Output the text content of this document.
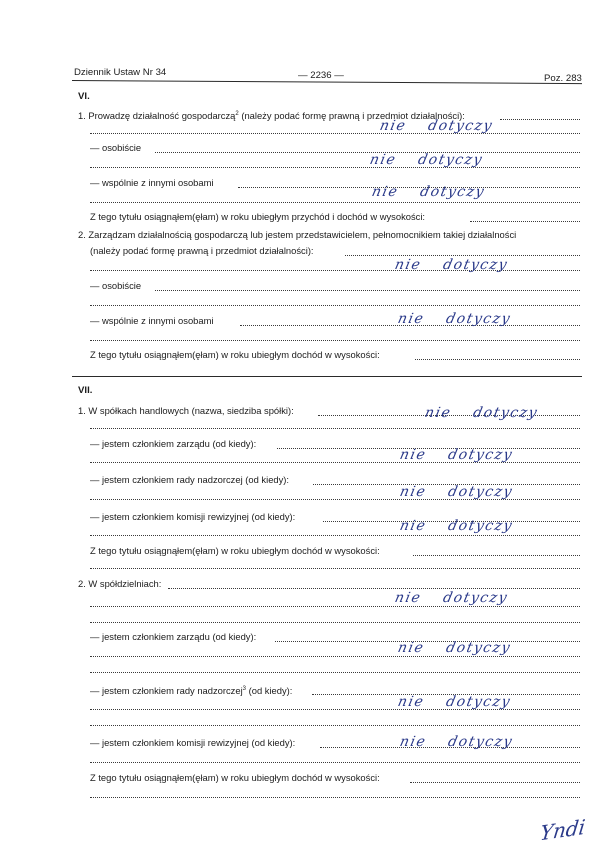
Dziennik Ustaw Nr 34	— 2236 —	Poz. 283
VI.
1. Prowadzę działalność gospodarczą$^2$ (należy podać formę prawną i przedmiot działalności):
nie dotyczy
— osobiście
nie dotyczy
— wspólnie z innymi osobami
nie dotyczy
Z tego tytułu osiągnąłem(ęłam) w roku ubiegłym przychód i dochód w wysokości:
2. Zarządzam działalnością gospodarczą lub jestem przedstawicielem, pełnomocnikiem takiej działalności
(należy podać formę prawną i przedmiot działalności):
nie dotyczy
— osobiście
— wspólnie z innymi osobami	nie dotyczy
Z tego tytułu osiągnąłem(ęłam) w roku ubiegłym dochód w wysokości:
VII.
1. W spółkach handlowych (nazwa, siedziba spółki):	nie dotyczy
— jestem członkiem zarządu (od kiedy):
nie dotyczy
— jestem członkiem rady nadzorczej (od kiedy):
nie dotyczy
— jestem członkiem komisji rewizyjnej (od kiedy):
nie dotyczy
Z tego tytułu osiągnąłem(ęłam) w roku ubiegłym dochód w wysokości:
2. W spółdzielniach:
nie dotyczy
— jestem członkiem zarządu (od kiedy):
nie dotyczy
— jestem członkiem rady nadzorczej$^3$ (od kiedy):
nie dotyczy
— jestem członkiem komisji rewizyjnej (od kiedy):	nie dotyczy
Z tego tytułu osiągnąłem(ęłam) w roku ubiegłym dochód w wysokości:
Yndi
